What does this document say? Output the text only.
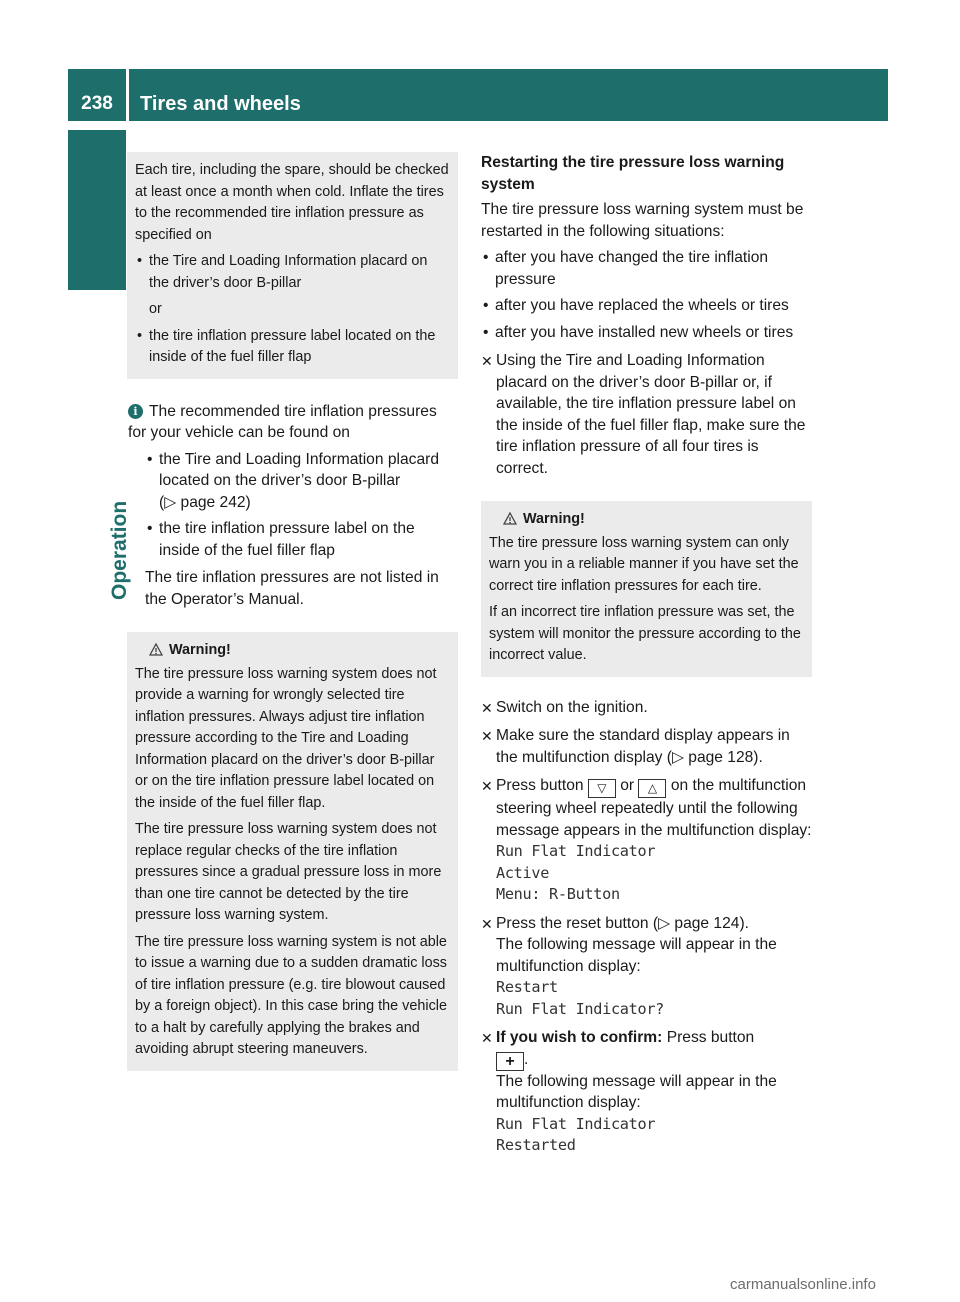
238	Tires and wheels
Operation

Each tire, including the spare, should be checked at least once a month when cold. Inflate the tires to the recommended tire inflation pressure as specified on

• the Tire and Loading Information placard on the driver’s door B-pillar
or
• the tire inflation pressure label located on the inside of the fuel filler flap
i The recommended tire inflation pressures for your vehicle can be found on
• the Tire and Loading Information placard located on the driver’s door B-pillar
(▷ page 242)
• the tire inflation pressure label on the inside of the fuel filler flap
The tire inflation pressures are not listed in the Operator’s Manual.
Warning!

The tire pressure loss warning system does not provide a warning for wrongly selected tire inflation pressures. Always adjust tire inflation pressure according to the Tire and Loading Information placard on the driver’s door B-pillar or on the tire inflation pressure label located on the inside of the fuel filler flap.

The tire pressure loss warning system does not replace regular checks of the tire inflation pressures since a gradual pressure loss in more than one tire cannot be detected by the tire pressure loss warning system.

The tire pressure loss warning system is not able to issue a warning due to a sudden dramatic loss of tire inflation pressure (e.g. tire blowout caused by a foreign object). In this case bring the vehicle to a halt by carefully applying the brakes and avoiding abrupt steering maneuvers.

Restarting the tire pressure loss warning system

The tire pressure loss warning system must be restarted in the following situations:

• after you have changed the tire inflation pressure
• after you have replaced the wheels or tires
• after you have installed new wheels or tires
✕ Using the Tire and Loading Information placard on the driver’s door B-pillar or, if available, the tire inflation pressure label on the inside of the fuel filler flap, make sure the tire inflation pressure of all four tires is correct.
Warning!

The tire pressure loss warning system can only warn you in a reliable manner if you have set the correct tire inflation pressures for each tire.

If an incorrect tire inflation pressure was set, the system will monitor the pressure according to the incorrect value.

✕ Switch on the ignition.
✕ Make sure the standard display appears in the multifunction display (▷ page 128).
✕ Press button ▽ or △ on the multifunction steering wheel repeatedly until the following message appears in the multifunction display:
Run Flat Indicator
Active
Menu: R-Button
✕ Press the reset button (▷ page 124).
The following message will appear in the multifunction display:
Restart
Run Flat Indicator?
✕ If you wish to confirm: Press button
+ .
The following message will appear in the multifunction display:
Run Flat Indicator
Restarted
carmanualsonline.info
